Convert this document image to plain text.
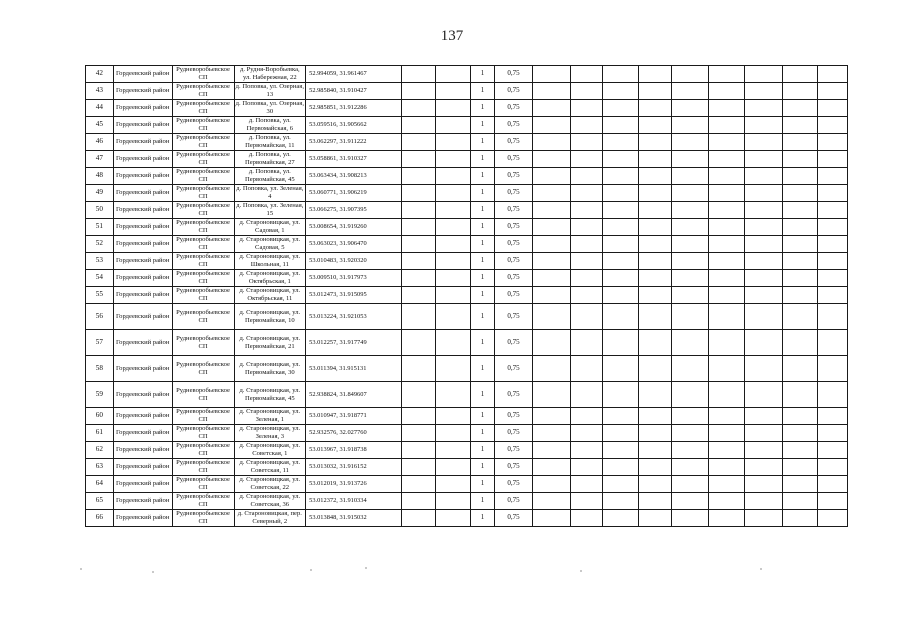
137
42	Гордеевский район	Рудневоробьевское СП	д. Рудня-Воробьевка, ул. Набережная, 22	52.994059, 31.961467			1	0,75									
43	Гордеевский район	Рудневоробьевское СП	д. Поповка, ул. Озерная, 13	52.985840, 31.910427			1	0,75									
44	Гордеевский район	Рудневоробьевское СП	д. Поповка, ул. Озерная, 30	52.985851, 31.912286			1	0,75									
45	Гордеевский район	Рудневоробьевское СП	д. Поповка, ул. Первомайская, 6	53.059516, 31.905662			1	0,75									
46	Гордеевский район	Рудневоробьевское СП	д. Поповка, ул. Первомайская, 11	53.062297, 31.911222			1	0,75									
47	Гордеевский район	Рудневоробьевское СП	д. Поповка, ул. Первомайская, 27	53.058861, 31.910327			1	0,75									
48	Гордеевский район	Рудневоробьевское СП	д. Поповка, ул. Первомайская, 45	53.063434, 31.908213			1	0,75									
49	Гордеевский район	Рудневоробьевское СП	д. Поповка, ул. Зеленая, 4	53.060771, 31.906219			1	0,75									
50	Гордеевский район	Рудневоробьевское СП	д. Поповка, ул. Зеленая, 15	53.066275, 31.907395			1	0,75									
51	Гордеевский район	Рудневоробьевское СП	д. Староновицкая, ул. Садовая, 1	53.008654, 31.919260			1	0,75									
52	Гордеевский район	Рудневоробьевское СП	д. Староновицкая, ул. Садовая, 5	53.063023, 31.906470			1	0,75									
53	Гордеевский район	Рудневоробьевское СП	д. Староновицкая, ул. Школьная, 11	53.010483, 31.920320			1	0,75									
54	Гордеевский район	Рудневоробьевское СП	д. Староновицкая, ул. Октябрьская, 1	53.009510, 31.917973			1	0,75									
55	Гордеевский район	Рудневоробьевское СП	д. Староновицкая, ул. Октябрьская, 11	53.012473, 31.915095			1	0,75									
56	Гордеевский район	Рудневоробьевское СП	д. Староновицкая, ул. Первомайская, 10	53.013224, 31.921053			1	0,75									
57	Гордеевский район	Рудневоробьевское СП	д. Староновицкая, ул. Первомайская, 21	53.012257, 31.917749			1	0,75									
58	Гордеевский район	Рудневоробьевское СП	д. Староновицкая, ул. Первомайская, 30	53.011394, 31.915131			1	0,75									
59	Гордеевский район	Рудневоробьевское СП	д. Староновицкая, ул. Первомайская, 45	52.938824, 31.849607			1	0,75									
60	Гордеевский район	Рудневоробьевское СП	д. Староновицкая, ул. Зеленая, 1	53.010947, 31.918771			1	0,75									
61	Гордеевский район	Рудневоробьевское СП	д. Староновицкая, ул. Зеленая, 3	52.932576, 32.027760			1	0,75									
62	Гордеевский район	Рудневоробьевское СП	д. Староновицкая, ул. Советская, 1	53.013967, 31.918738			1	0,75									
63	Гордеевский район	Рудневоробьевское СП	д. Староновицкая, ул. Советская, 11	53.013032, 31.916152			1	0,75									
64	Гордеевский район	Рудневоробьевское СП	д. Староновицкая, ул. Советская, 22	53.012019, 31.913726			1	0,75									
65	Гордеевский район	Рудневоробьевское СП	д. Староновицкая, ул. Советская, 36	53.012372, 31.910334			1	0,75									
66	Гордеевский район	Рудневоробьевское СП	д. Староновицкая, пер. Северный, 2	53.013848, 31.915032			1	0,75									
